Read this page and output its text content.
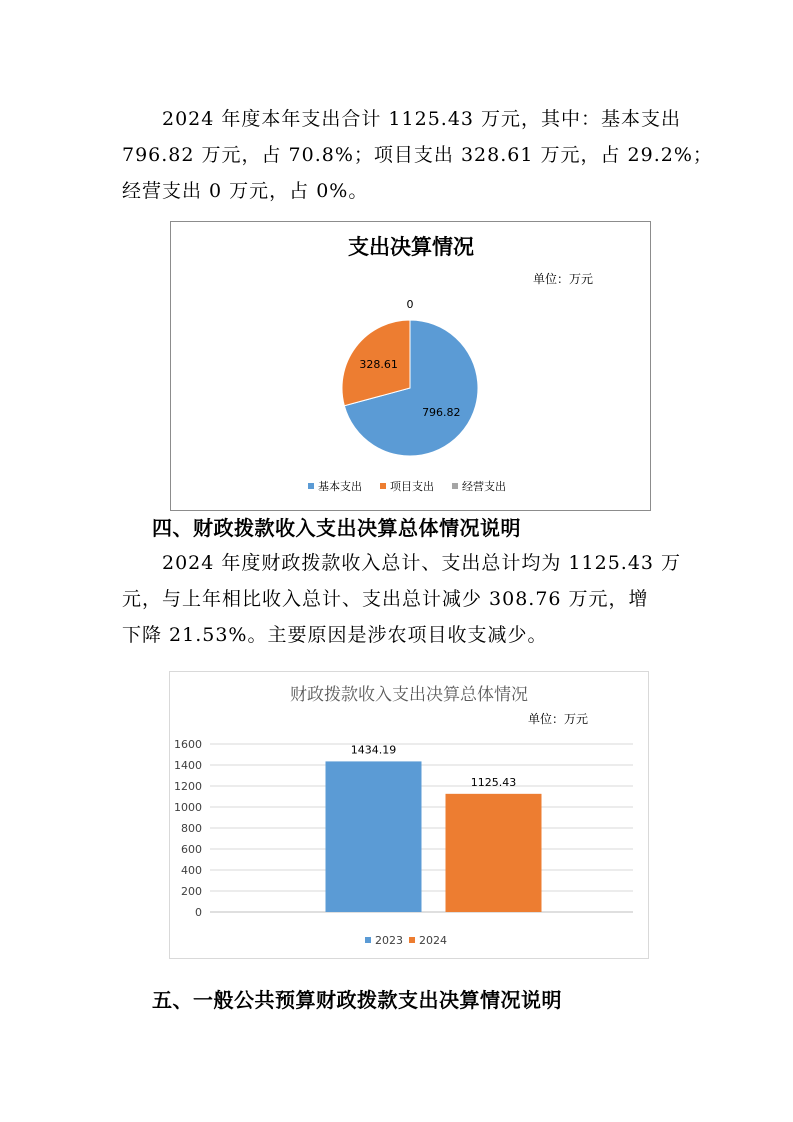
2024 年度本年支出合计 1125.43 万元，其中：基本支出
796.82 万元，占 70.8%；项目支出 328.61 万元，占 29.2%；
经营支出 0 万元，占 0%。
支出决算情况
单位：万元
796.82
328.61
0
基本支出	项目支出	经营支出
四、财政拨款收入支出决算总体情况说明
2024 年度财政拨款收入总计、支出总计均为 1125.43 万
元，与上年相比收入总计、支出总计减少 308.76 万元，增
下降 21.53%。主要原因是涉农项目收支减少。
财政拨款收入支出决算总体情况
单位：万元
0
200
400
600
800
1000
1200
1400
1600	1434.19
1125.43
2023 2024
五、一般公共预算财政拨款支出决算情况说明
